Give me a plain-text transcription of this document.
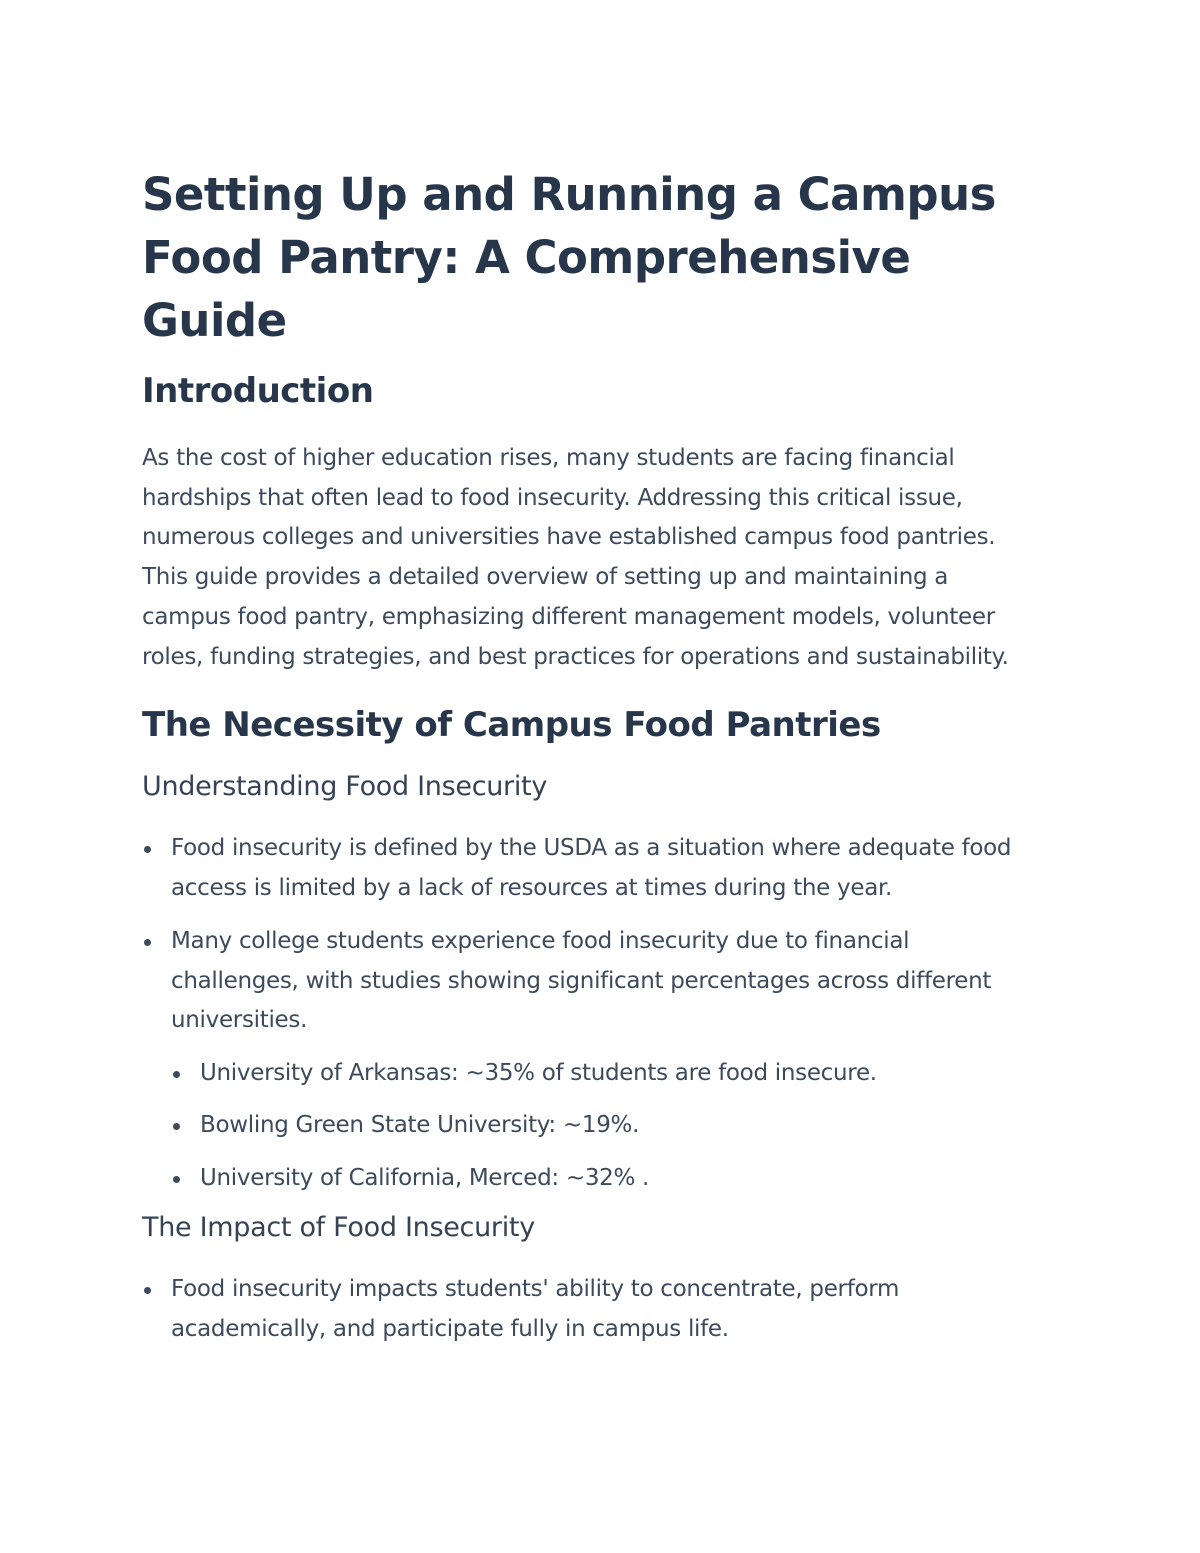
Setting Up and Running a Campus Food Pantry: A Comprehensive Guide
Introduction

As the cost of higher education rises, many students are facing financial hardships that often lead to food insecurity. Addressing this critical issue, numerous colleges and universities have established campus food pantries. This guide provides a detailed overview of setting up and maintaining a campus food pantry, emphasizing different management models, volunteer roles, funding strategies, and best practices for operations and sustainability.

The Necessity of Campus Food Pantries
Understanding Food Insecurity
Food insecurity is defined by the USDA as a situation where adequate food access is limited by a lack of resources at times during the year.
Many college students experience food insecurity due to financial challenges, with studies showing significant percentages across different universities.
University of Arkansas: ~35% of students are food insecure.
Bowling Green State University: ~19%.
University of California, Merced: ~32% .
The Impact of Food Insecurity
Food insecurity impacts students' ability to concentrate, perform academically, and participate fully in campus life.
